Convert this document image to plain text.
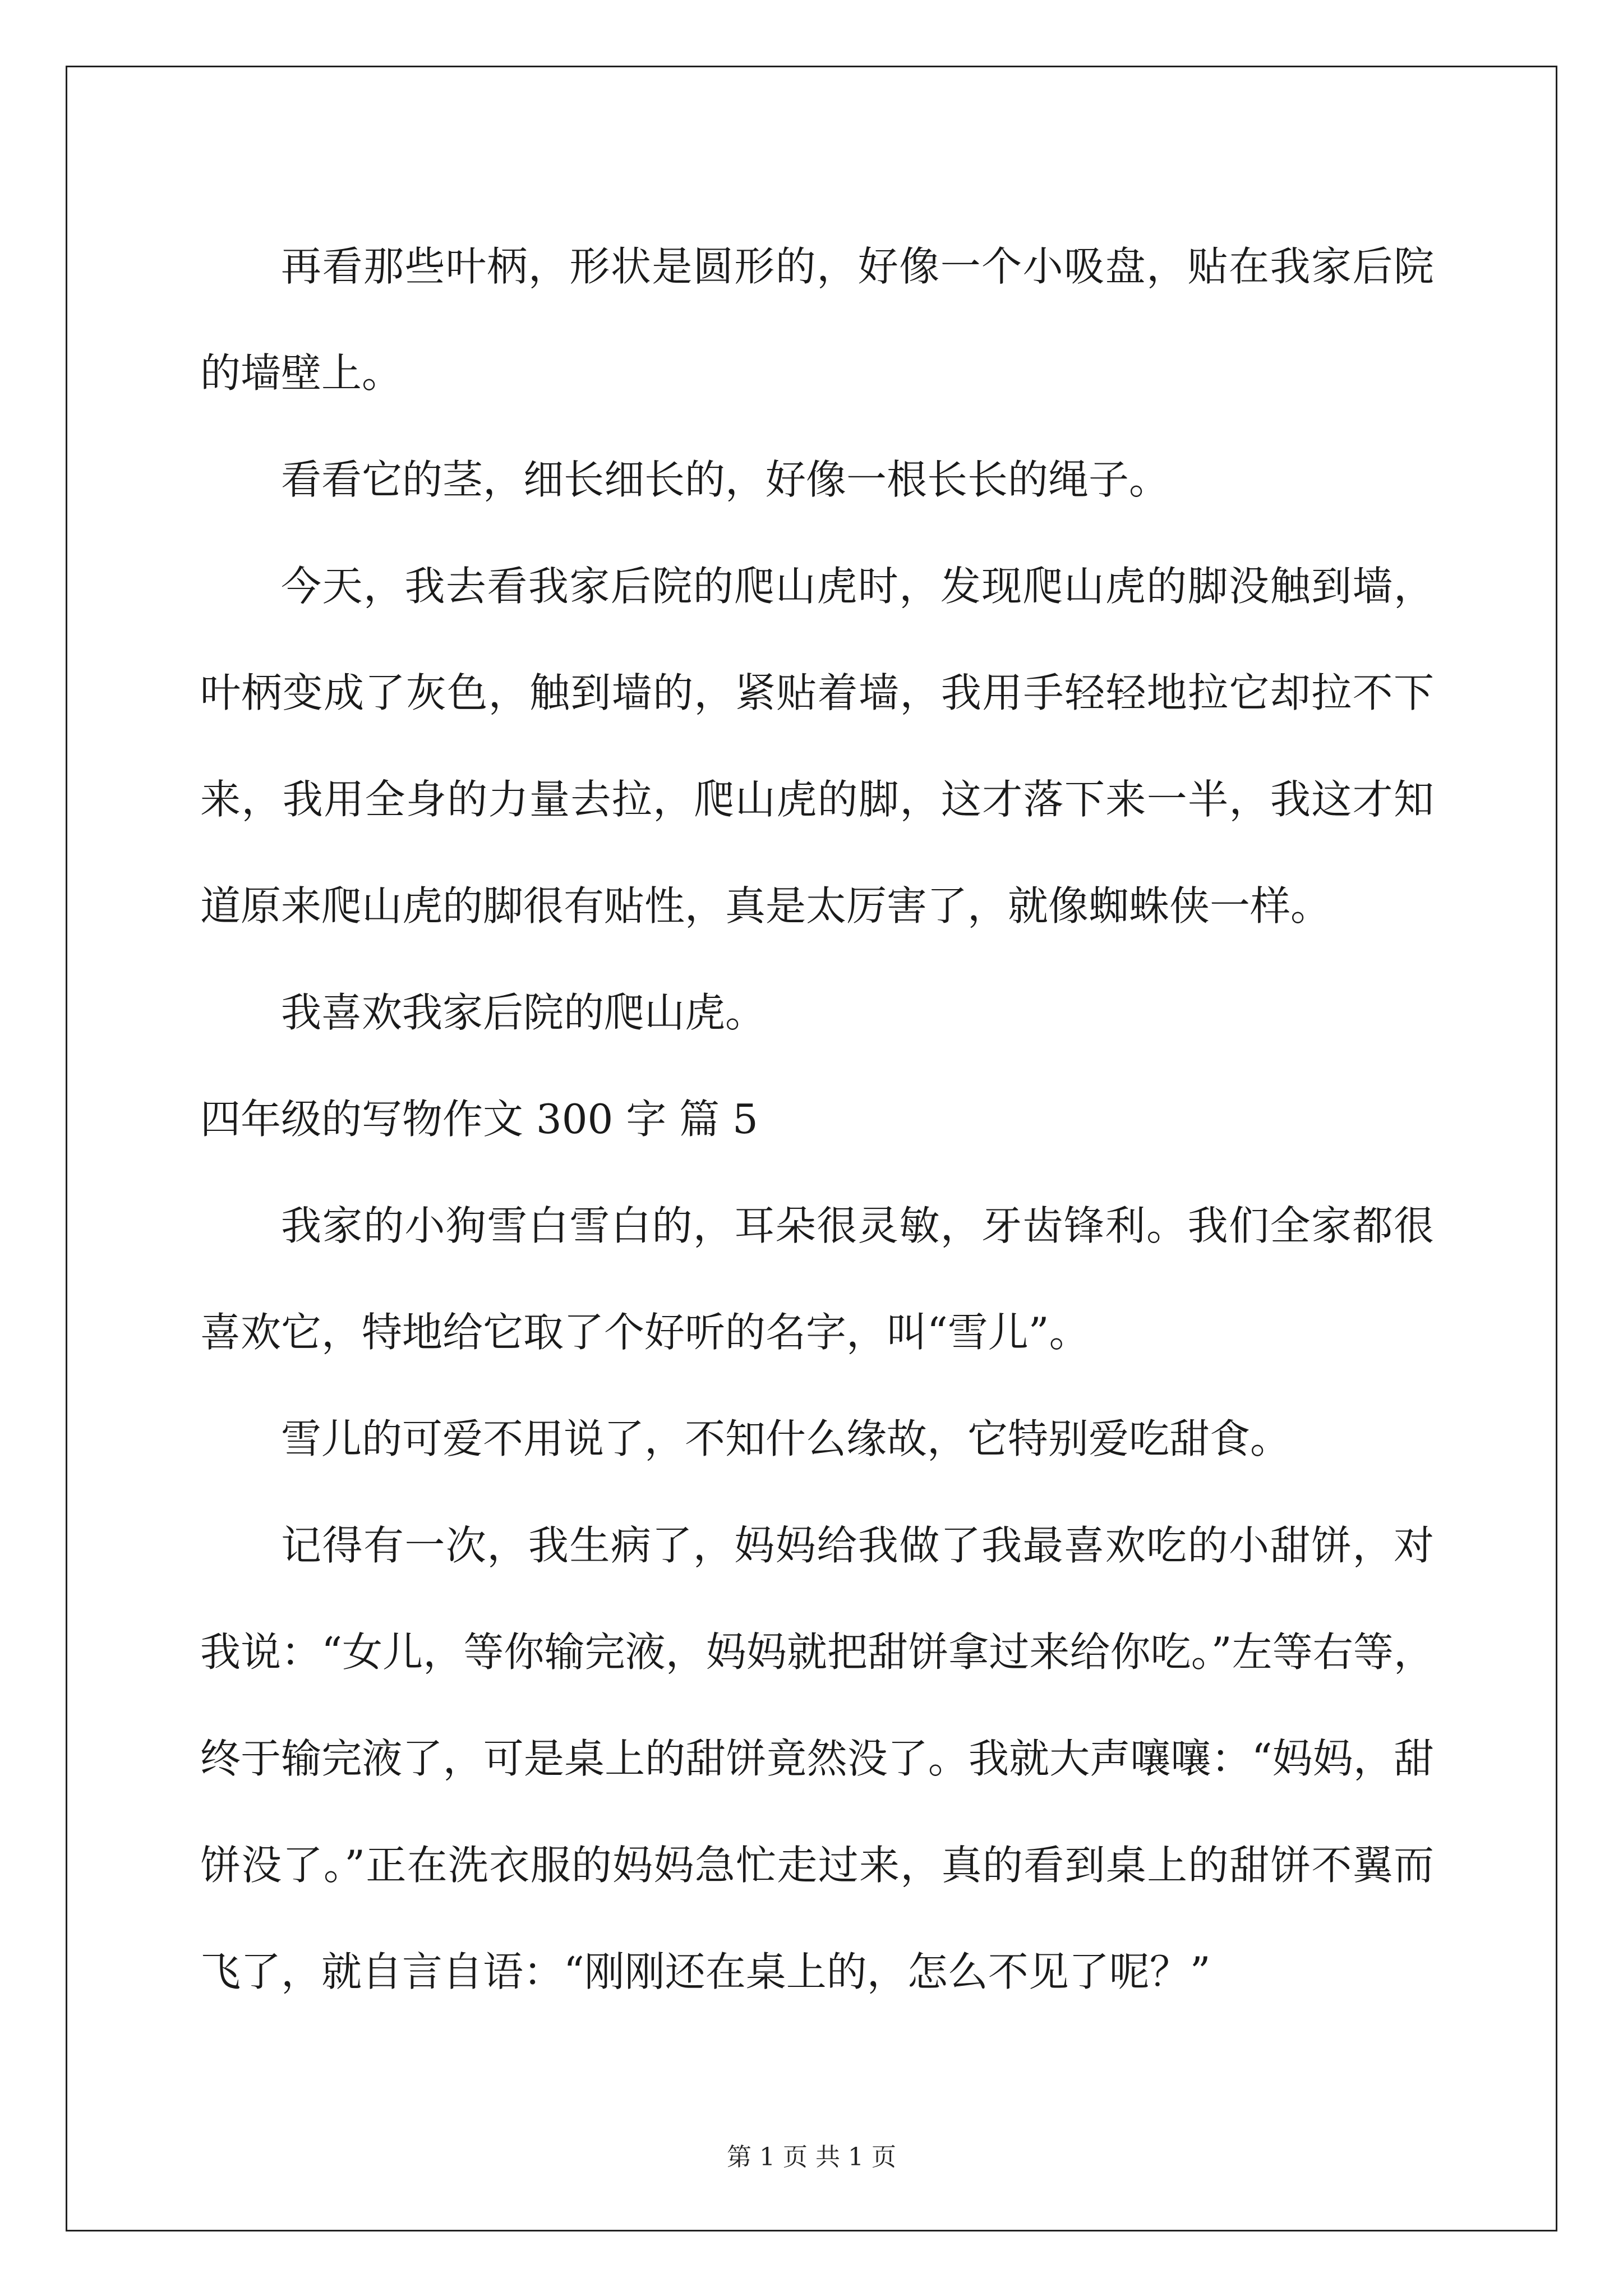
再看那些叶柄，形状是圆形的，好像一个小吸盘，贴在我家后院的墙壁上。

看看它的茎，细长细长的，好像一根长长的绳子。

今天，我去看我家后院的爬山虎时，发现爬山虎的脚没触到墙，叶柄变成了灰色，触到墙的，紧贴着墙，我用手轻轻地拉它却拉不下来，我用全身的力量去拉，爬山虎的脚，这才落下来一半，我这才知道原来爬山虎的脚很有贴性，真是太厉害了，就像蜘蛛侠一样。

我喜欢我家后院的爬山虎。

四年级的写物作文 300 字 篇 5

我家的小狗雪白雪白的，耳朵很灵敏，牙齿锋利。我们全家都很喜欢它，特地给它取了个好听的名字，叫“雪儿”。

雪儿的可爱不用说了，不知什么缘故，它特别爱吃甜食。

记得有一次，我生病了，妈妈给我做了我最喜欢吃的小甜饼，对我说：“女儿，等你输完液，妈妈就把甜饼拿过来给你吃。”左等右等，终于输完液了，可是桌上的甜饼竟然没了。我就大声嚷嚷：“妈妈，甜饼没了。”正在洗衣服的妈妈急忙走过来，真的看到桌上的甜饼不翼而飞了，就自言自语：“刚刚还在桌上的，怎么不见了呢？”

第 1 页 共 1 页
